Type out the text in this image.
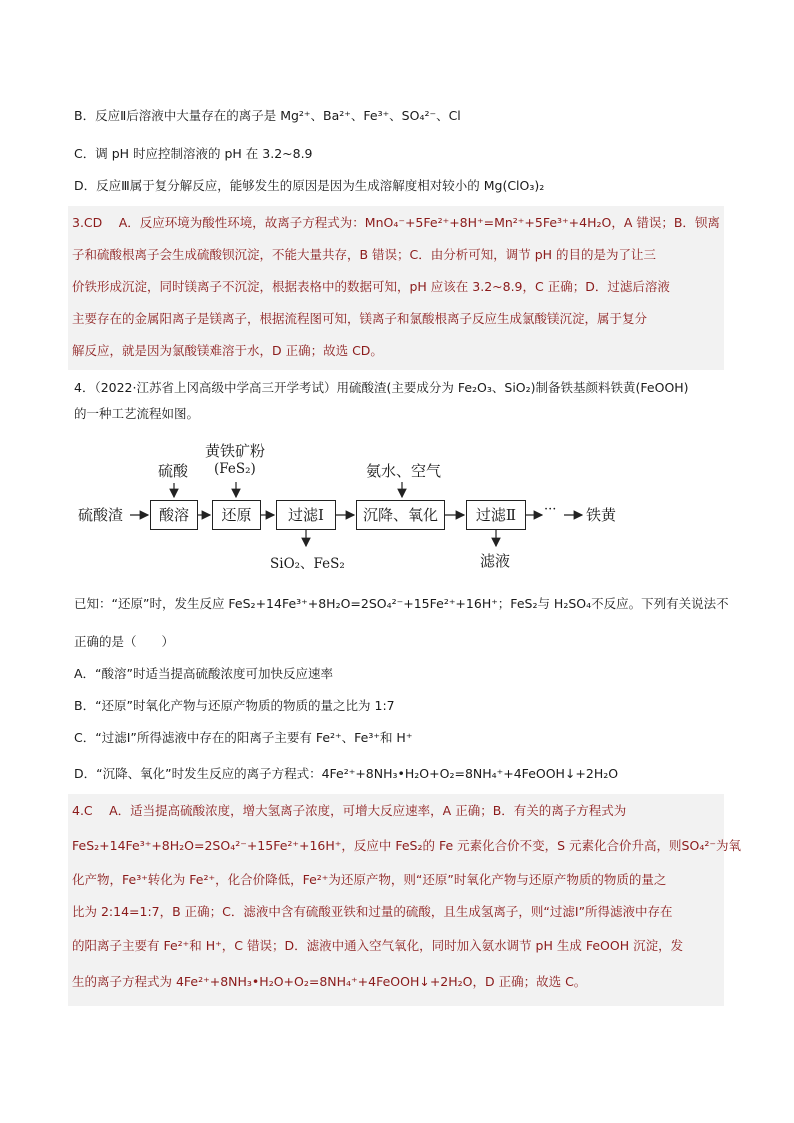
B．反应Ⅱ后溶液中大量存在的离子是 Mg²⁺、Ba²⁺、Fe³⁺、SO₄²⁻、Cl
C．调 pH 时应控制溶液的 pH 在 3.2~8.9
D．反应Ⅲ属于复分解反应，能够发生的原因是因为生成溶解度相对较小的 Mg(ClO₃)₂
3.CD　 A．反应环境为酸性环境，故离子方程式为：MnO₄⁻+5Fe²⁺+8H⁺=Mn²⁺+5Fe³⁺+4H₂O，A 错误；B．钡离
子和硫酸根离子会生成硫酸钡沉淀，不能大量共存，B 错误；C．由分析可知，调节 pH 的目的是为了让三
价铁形成沉淀，同时镁离子不沉淀，根据表格中的数据可知，pH 应该在 3.2~8.9，C 正确；D．过滤后溶液
主要存在的金属阳离子是镁离子，根据流程图可知，镁离子和氯酸根离子反应生成氯酸镁沉淀，属于复分
解反应，就是因为氯酸镁难溶于水，D 正确；故选 CD。
4．（2022·江苏省上冈高级中学高三开学考试）用硫酸渣(主要成分为 Fe₂O₃、SiO₂)制备铁基颜料铁黄(FeOOH)
的一种工艺流程如图。
硫酸渣	酸溶	还原	过滤Ⅰ	沉降、氧化	过滤Ⅱ	··· 铁黄
硫酸
黄铁矿粉
(FeS₂)	氨水、空气
SiO₂、FeS₂	滤液
已知：“还原”时，发生反应 FeS₂+14Fe³⁺+8H₂O=2SO₄²⁻+15Fe²⁺+16H⁺；FeS₂与 H₂SO₄不反应。下列有关说法不
正确的是（　　）
A．“酸溶”时适当提高硫酸浓度可加快反应速率
B．“还原”时氧化产物与还原产物质的物质的量之比为 1:7
C．“过滤Ⅰ”所得滤液中存在的阳离子主要有 Fe²⁺、Fe³⁺和 H⁺
D．“沉降、氧化”时发生反应的离子方程式：4Fe²⁺+8NH₃•H₂O+O₂=8NH₄⁺+4FeOOH↓+2H₂O
4.C　 A．适当提高硫酸浓度，增大氢离子浓度，可增大反应速率，A 正确；B．有关的离子方程式为
FeS₂+14Fe³⁺+8H₂O=2SO₄²⁻+15Fe²⁺+16H⁺，反应中 FeS₂的 Fe 元素化合价不变，S 元素化合价升高，则SO₄²⁻为氧
化产物，Fe³⁺转化为 Fe²⁺，化合价降低，Fe²⁺为还原产物，则“还原”时氧化产物与还原产物质的物质的量之
比为 2:14=1:7，B 正确；C．滤液中含有硫酸亚铁和过量的硫酸，且生成氢离子，则“过滤Ⅰ”所得滤液中存在
的阳离子主要有 Fe²⁺和 H⁺，C 错误；D．滤液中通入空气氧化，同时加入氨水调节 pH 生成 FeOOH 沉淀，发
生的离子方程式为 4Fe²⁺+8NH₃•H₂O+O₂=8NH₄⁺+4FeOOH↓+2H₂O，D 正确；故选 C。
